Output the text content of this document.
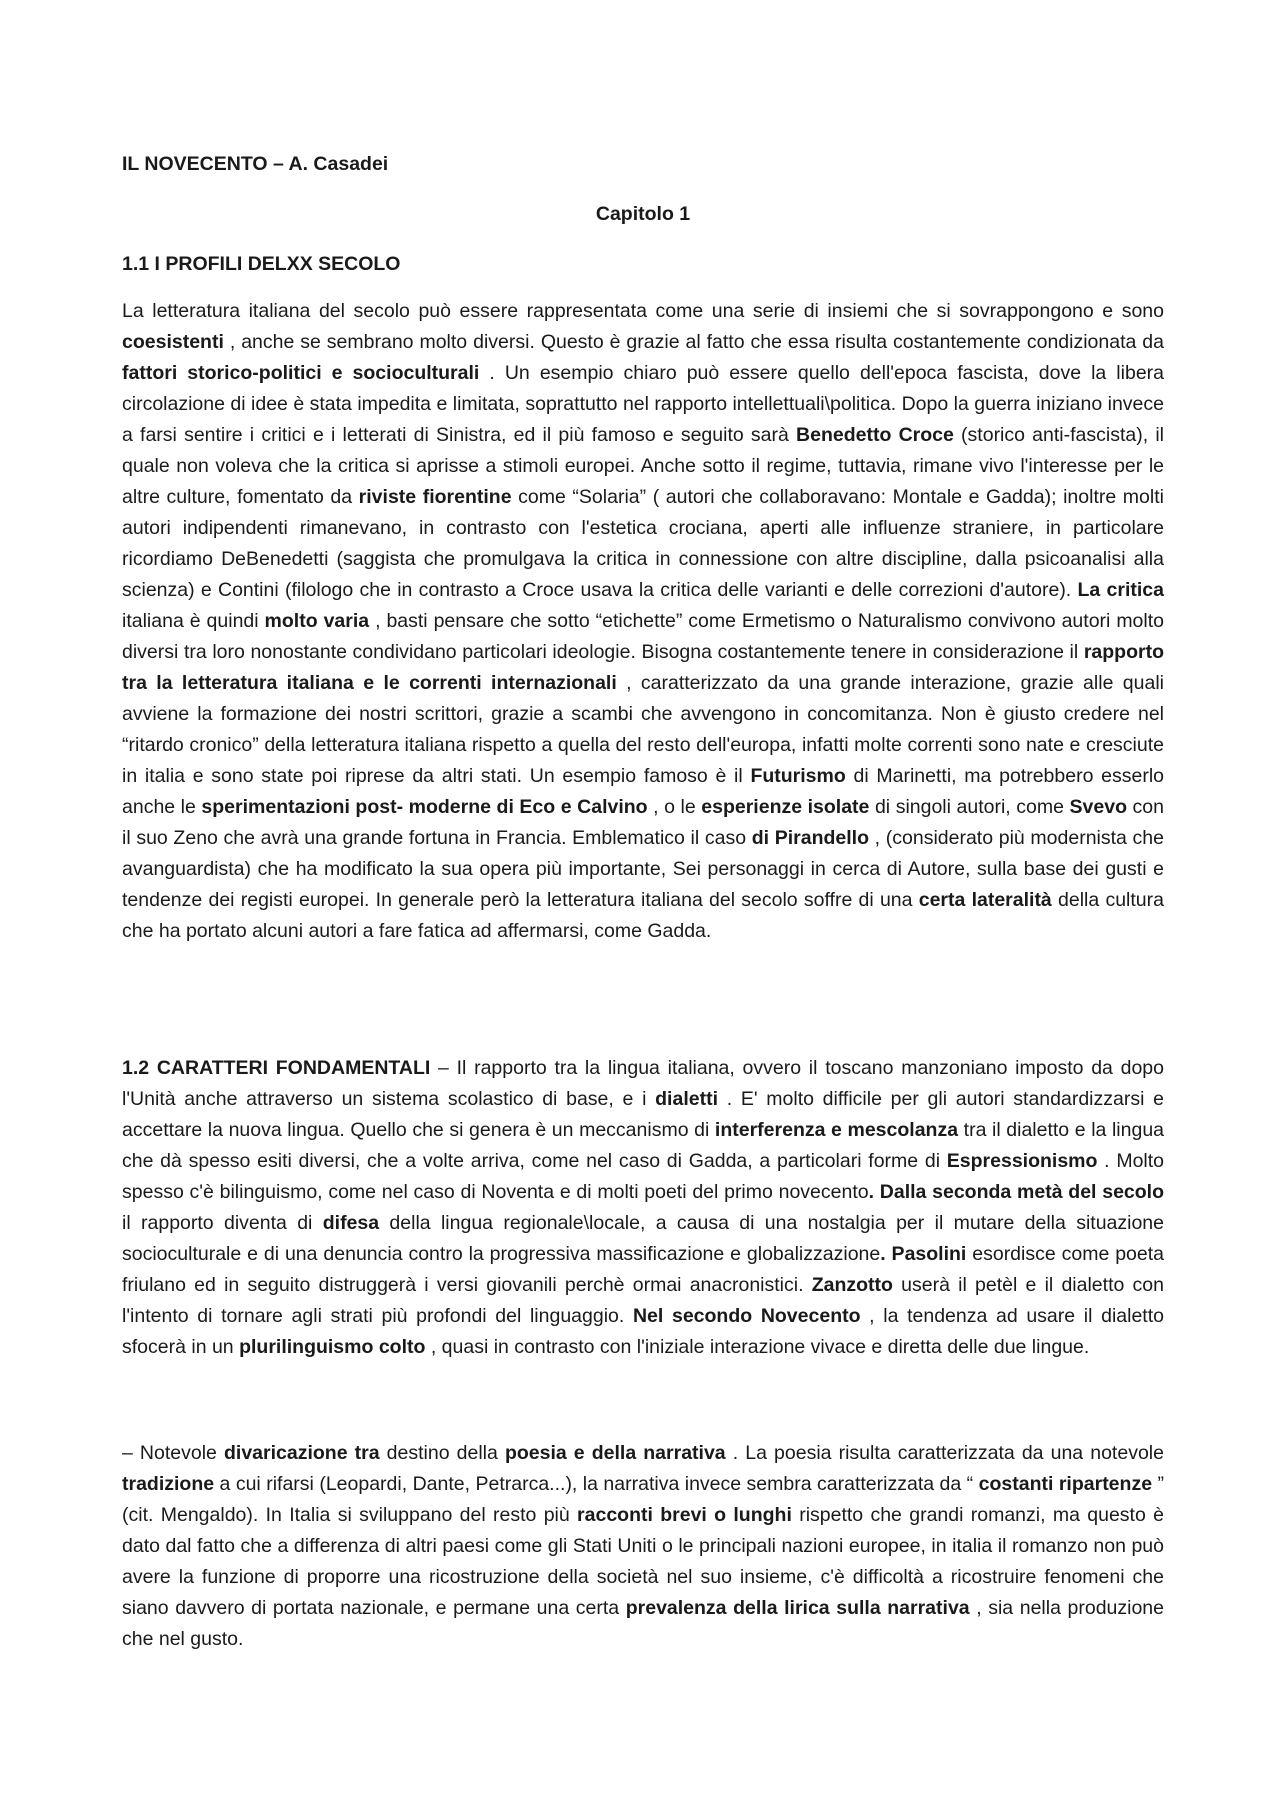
IL NOVECENTO – A. Casadei
Capitolo 1
1.1 I PROFILI DELXX SECOLO

La letteratura italiana del secolo può essere rappresentata come una serie di insiemi che si sovrappongono e sono coesistenti , anche se sembrano molto diversi. Questo è grazie al fatto che essa risulta costantemente condizionata da fattori storico-politici e socioculturali . Un esempio chiaro può essere quello dell'epoca fascista, dove la libera circolazione di idee è stata impedita e limitata, soprattutto nel rapporto intellettuali\politica. Dopo la guerra iniziano invece a farsi sentire i critici e i letterati di Sinistra, ed il più famoso e seguito sarà Benedetto Croce (storico anti-fascista), il quale non voleva che la critica si aprisse a stimoli europei. Anche sotto il regime, tuttavia, rimane vivo l'interesse per le altre culture, fomentato da riviste fiorentine come “Solaria” ( autori che collaboravano: Montale e Gadda); inoltre molti autori indipendenti rimanevano, in contrasto con l'estetica crociana, aperti alle influenze straniere, in particolare ricordiamo DeBenedetti (saggista che promulgava la critica in connessione con altre discipline, dalla psicoanalisi alla scienza) e Contini (filologo che in contrasto a Croce usava la critica delle varianti e delle correzioni d'autore). La critica italiana è quindi molto varia , basti pensare che sotto “etichette” come Ermetismo o Naturalismo convivono autori molto diversi tra loro nonostante condividano particolari ideologie. Bisogna costantemente tenere in considerazione il rapporto tra la letteratura italiana e le correnti internazionali , caratterizzato da una grande interazione, grazie alle quali avviene la formazione dei nostri scrittori, grazie a scambi che avvengono in concomitanza. Non è giusto credere nel “ritardo cronico” della letteratura italiana rispetto a quella del resto dell'europa, infatti molte correnti sono nate e cresciute in italia e sono state poi riprese da altri stati. Un esempio famoso è il Futurismo di Marinetti, ma potrebbero esserlo anche le sperimentazioni post- moderne di Eco e Calvino , o le esperienze isolate di singoli autori, come Svevo con il suo Zeno che avrà una grande fortuna in Francia. Emblematico il caso di Pirandello , (considerato più modernista che avanguardista) che ha modificato la sua opera più importante, Sei personaggi in cerca di Autore, sulla base dei gusti e tendenze dei registi europei. In generale però la letteratura italiana del secolo soffre di una certa lateralità della cultura che ha portato alcuni autori a fare fatica ad affermarsi, come Gadda.

1.2 CARATTERI FONDAMENTALI – Il rapporto tra la lingua italiana, ovvero il toscano manzoniano imposto da dopo l'Unità anche attraverso un sistema scolastico di base, e i dialetti . E' molto difficile per gli autori standardizzarsi e accettare la nuova lingua. Quello che si genera è un meccanismo di interferenza e mescolanza tra il dialetto e la lingua che dà spesso esiti diversi, che a volte arriva, come nel caso di Gadda, a particolari forme di Espressionismo . Molto spesso c'è bilinguismo, come nel caso di Noventa e di molti poeti del primo novecento. Dalla seconda metà del secolo il rapporto diventa di difesa della lingua regionale\locale, a causa di una nostalgia per il mutare della situazione socioculturale e di una denuncia contro la progressiva massificazione e globalizzazione. Pasolini esordisce come poeta friulano ed in seguito distruggerà i versi giovanili perchè ormai anacronistici. Zanzotto userà il petèl e il dialetto con l'intento di tornare agli strati più profondi del linguaggio. Nel secondo Novecento , la tendenza ad usare il dialetto sfocerà in un plurilinguismo colto , quasi in contrasto con l'iniziale interazione vivace e diretta delle due lingue.

– Notevole divaricazione tra destino della poesia e della narrativa . La poesia risulta caratterizzata da una notevole tradizione a cui rifarsi (Leopardi, Dante, Petrarca...), la narrativa invece sembra caratterizzata da “ costanti ripartenze ” (cit. Mengaldo). In Italia si sviluppano del resto più racconti brevi o lunghi rispetto che grandi romanzi, ma questo è dato dal fatto che a differenza di altri paesi come gli Stati Uniti o le principali nazioni europee, in italia il romanzo non può avere la funzione di proporre una ricostruzione della società nel suo insieme, c'è difficoltà a ricostruire fenomeni che siano davvero di portata nazionale, e permane una certa prevalenza della lirica sulla narrativa , sia nella produzione che nel gusto.
